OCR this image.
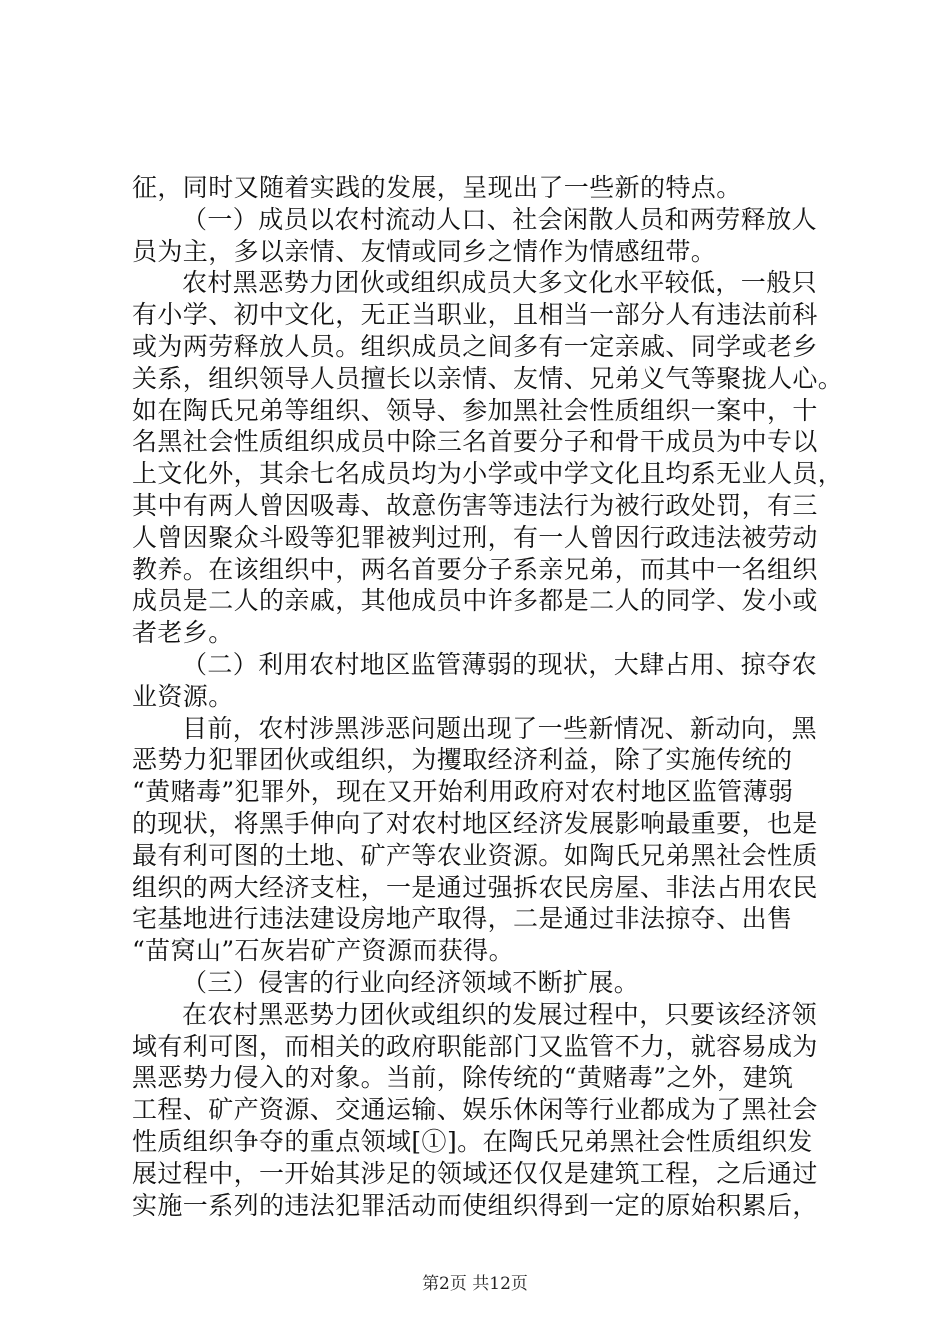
征，同时又随着实践的发展，呈现出了一些新的特点。
（一）成员以农村流动人口、社会闲散人员和两劳释放人
员为主，多以亲情、友情或同乡之情作为情感纽带。
农村黑恶势力团伙或组织成员大多文化水平较低，一般只
有小学、初中文化，无正当职业，且相当一部分人有违法前科
或为两劳释放人员。组织成员之间多有一定亲戚、同学或老乡
关系，组织领导人员擅长以亲情、友情、兄弟义气等聚拢人心。
如在陶氏兄弟等组织、领导、参加黑社会性质组织一案中，十
名黑社会性质组织成员中除三名首要分子和骨干成员为中专以
上文化外，其余七名成员均为小学或中学文化且均系无业人员，
其中有两人曾因吸毒、故意伤害等违法行为被行政处罚，有三
人曾因聚众斗殴等犯罪被判过刑，有一人曾因行政违法被劳动
教养。在该组织中，两名首要分子系亲兄弟，而其中一名组织
成员是二人的亲戚，其他成员中许多都是二人的同学、发小或
者老乡。
（二）利用农村地区监管薄弱的现状，大肆占用、掠夺农
业资源。
目前，农村涉黑涉恶问题出现了一些新情况、新动向，黑
恶势力犯罪团伙或组织，为攫取经济利益，除了实施传统的
“黄赌毒”犯罪外，现在又开始利用政府对农村地区监管薄弱
的现状，将黑手伸向了对农村地区经济发展影响最重要，也是
最有利可图的土地、矿产等农业资源。如陶氏兄弟黑社会性质
组织的两大经济支柱，一是通过强拆农民房屋、非法占用农民
宅基地进行违法建设房地产取得，二是通过非法掠夺、出售
“苗窝山”石灰岩矿产资源而获得。
（三）侵害的行业向经济领域不断扩展。
在农村黑恶势力团伙或组织的发展过程中，只要该经济领
域有利可图，而相关的政府职能部门又监管不力，就容易成为
黑恶势力侵入的对象。当前，除传统的“黄赌毒”之外，建筑
工程、矿产资源、交通运输、娱乐休闲等行业都成为了黑社会
性质组织争夺的重点领域[①]。在陶氏兄弟黑社会性质组织发
展过程中，一开始其涉足的领域还仅仅是建筑工程，之后通过
实施一系列的违法犯罪活动而使组织得到一定的原始积累后，
第2页 共12页
